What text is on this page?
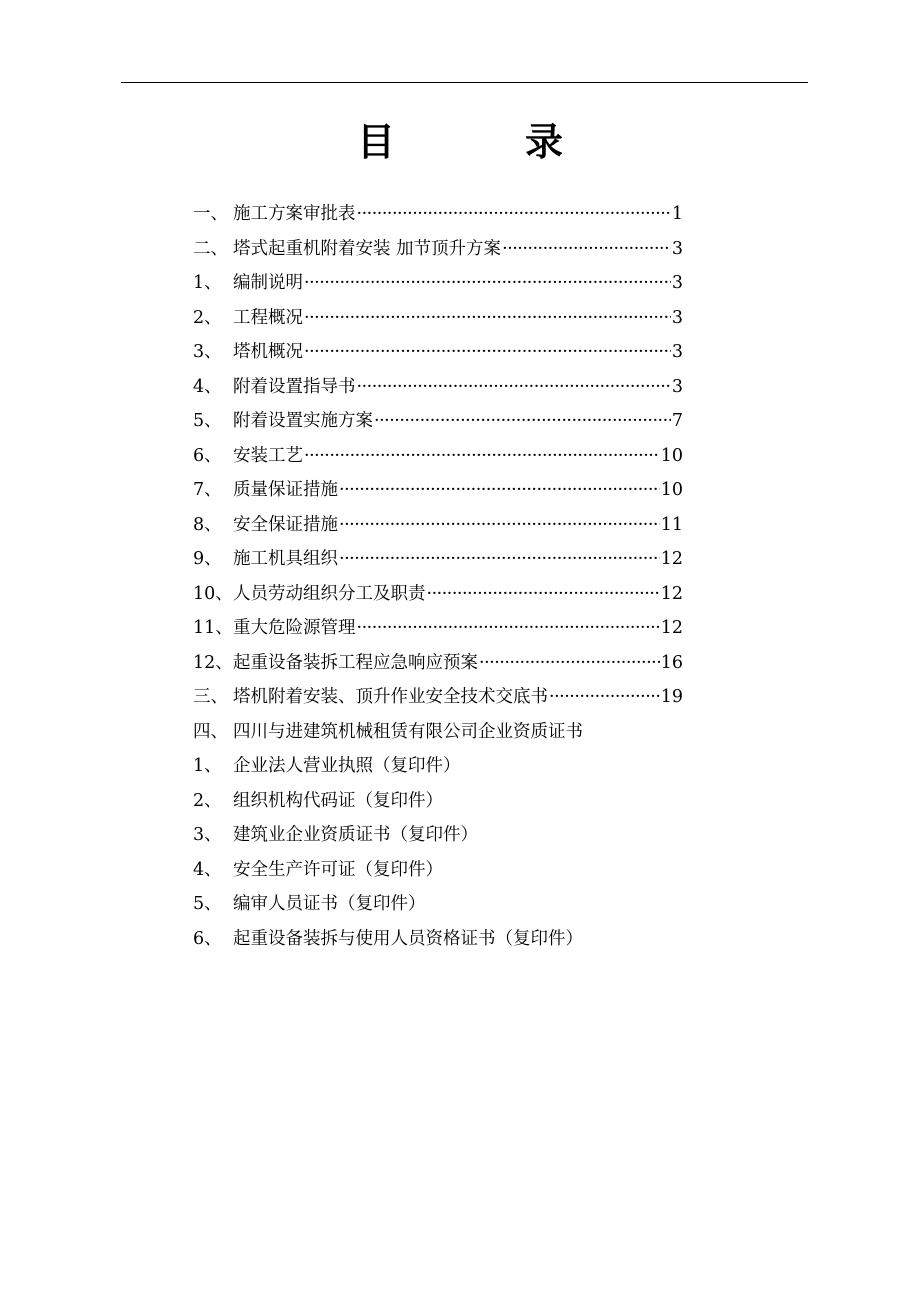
目　录
一、 施工方案审批表 ·····	1
二、 塔式起重机附着安装 加节顶升方案 ·····	3
1、 编制说明 ·····	3
2、 工程概况 ·····	3
3、 塔机概况 ·····	3
4、 附着设置指导书 ·····	3
5、 附着设置实施方案 ·····	7
6、 安装工艺 ·····	10
7、 质量保证措施 ·····	10
8、 安全保证措施 ·····	11
9、 施工机具组织 ·····	12
10、 人员劳动组织分工及职责 ·····	12
11、 重大危险源管理 ·····	12
12、 起重设备装拆工程应急响应预案 ·····	16
三、 塔机附着安装、顶升作业安全技术交底书 ·····	19
四、 四川与进建筑机械租赁有限公司企业资质证书
1、 企业法人营业执照（复印件）
2、 组织机构代码证（复印件）
3、 建筑业企业资质证书（复印件）
4、 安全生产许可证（复印件）
5、 编审人员证书（复印件）
6、 起重设备装拆与使用人员资格证书（复印件）
